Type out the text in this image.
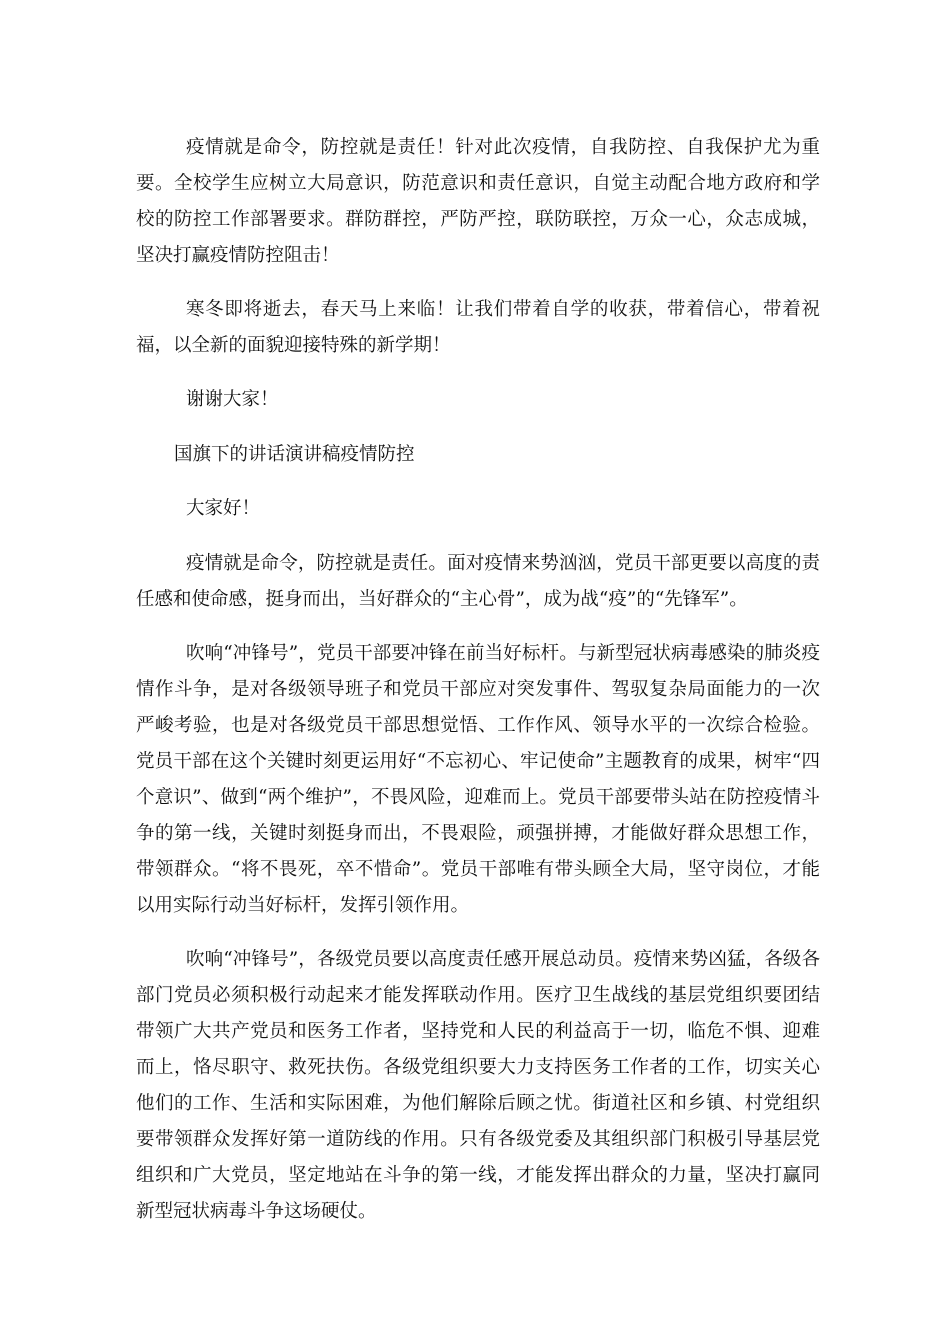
疫情就是命令，防控就是责任！针对此次疫情，自我防控、自我保护尤为重要。全校学生应树立大局意识，防范意识和责任意识，自觉主动配合地方政府和学校的防控工作部署要求。群防群控，严防严控，联防联控，万众一心，众志成城，坚决打赢疫情防控阻击！

寒冬即将逝去，春天马上来临！让我们带着自学的收获，带着信心，带着祝福，以全新的面貌迎接特殊的新学期！

谢谢大家！

国旗下的讲话演讲稿疫情防控

大家好！

疫情就是命令，防控就是责任。面对疫情来势汹汹，党员干部更要以高度的责任感和使命感，挺身而出，当好群众的“主心骨”，成为战“疫”的“先锋军”。

吹响“冲锋号”，党员干部要冲锋在前当好标杆。与新型冠状病毒感染的肺炎疫情作斗争，是对各级领导班子和党员干部应对突发事件、驾驭复杂局面能力的一次严峻考验，也是对各级党员干部思想觉悟、工作作风、领导水平的一次综合检验。党员干部在这个关键时刻更运用好“不忘初心、牢记使命”主题教育的成果，树牢“四个意识”、做到“两个维护”，不畏风险，迎难而上。党员干部要带头站在防控疫情斗争的第一线，关键时刻挺身而出，不畏艰险，顽强拼搏，才能做好群众思想工作，带领群众。“将不畏死，卒不惜命”。党员干部唯有带头顾全大局，坚守岗位，才能以用实际行动当好标杆，发挥引领作用。

吹响“冲锋号”，各级党员要以高度责任感开展总动员。疫情来势凶猛，各级各部门党员必须积极行动起来才能发挥联动作用。医疗卫生战线的基层党组织要团结带领广大共产党员和医务工作者，坚持党和人民的利益高于一切，临危不惧、迎难而上，恪尽职守、救死扶伤。各级党组织要大力支持医务工作者的工作，切实关心他们的工作、生活和实际困难，为他们解除后顾之忧。街道社区和乡镇、村党组织要带领群众发挥好第一道防线的作用。只有各级党委及其组织部门积极引导基层党组织和广大党员，坚定地站在斗争的第一线，才能发挥出群众的力量，坚决打赢同新型冠状病毒斗争这场硬仗。
